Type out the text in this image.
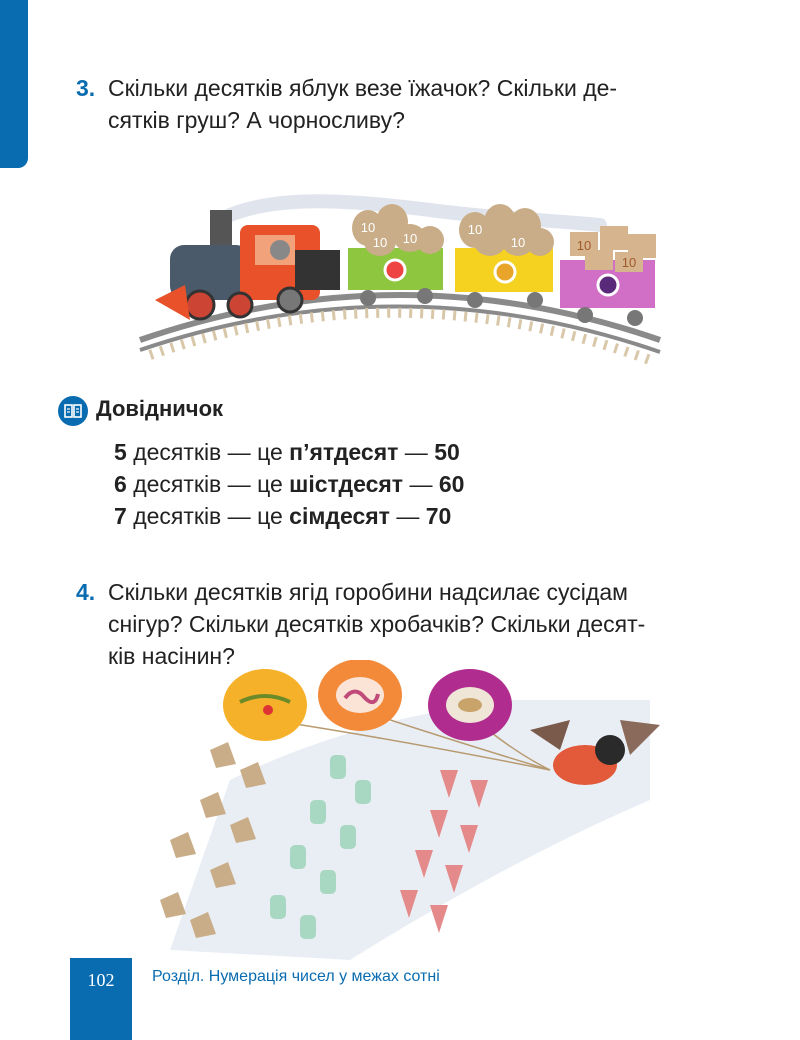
3. Скільки десятків яблук везе їжачок? Скільки де-
сятків груш? А чорносливу?
10
10 10
10
10	10
10
Довідничок
5 десятків — це п’ятдесят — 50
6 десятків — це шістдесят — 60
7 десятків — це сімдесят — 70
4. Скільки десятків ягід горобини надсилає сусідам
снігур? Скільки десятків хробачків? Скільки десят-
ків насінин?
102	Розділ. Нумерація чисел у межах сотні
